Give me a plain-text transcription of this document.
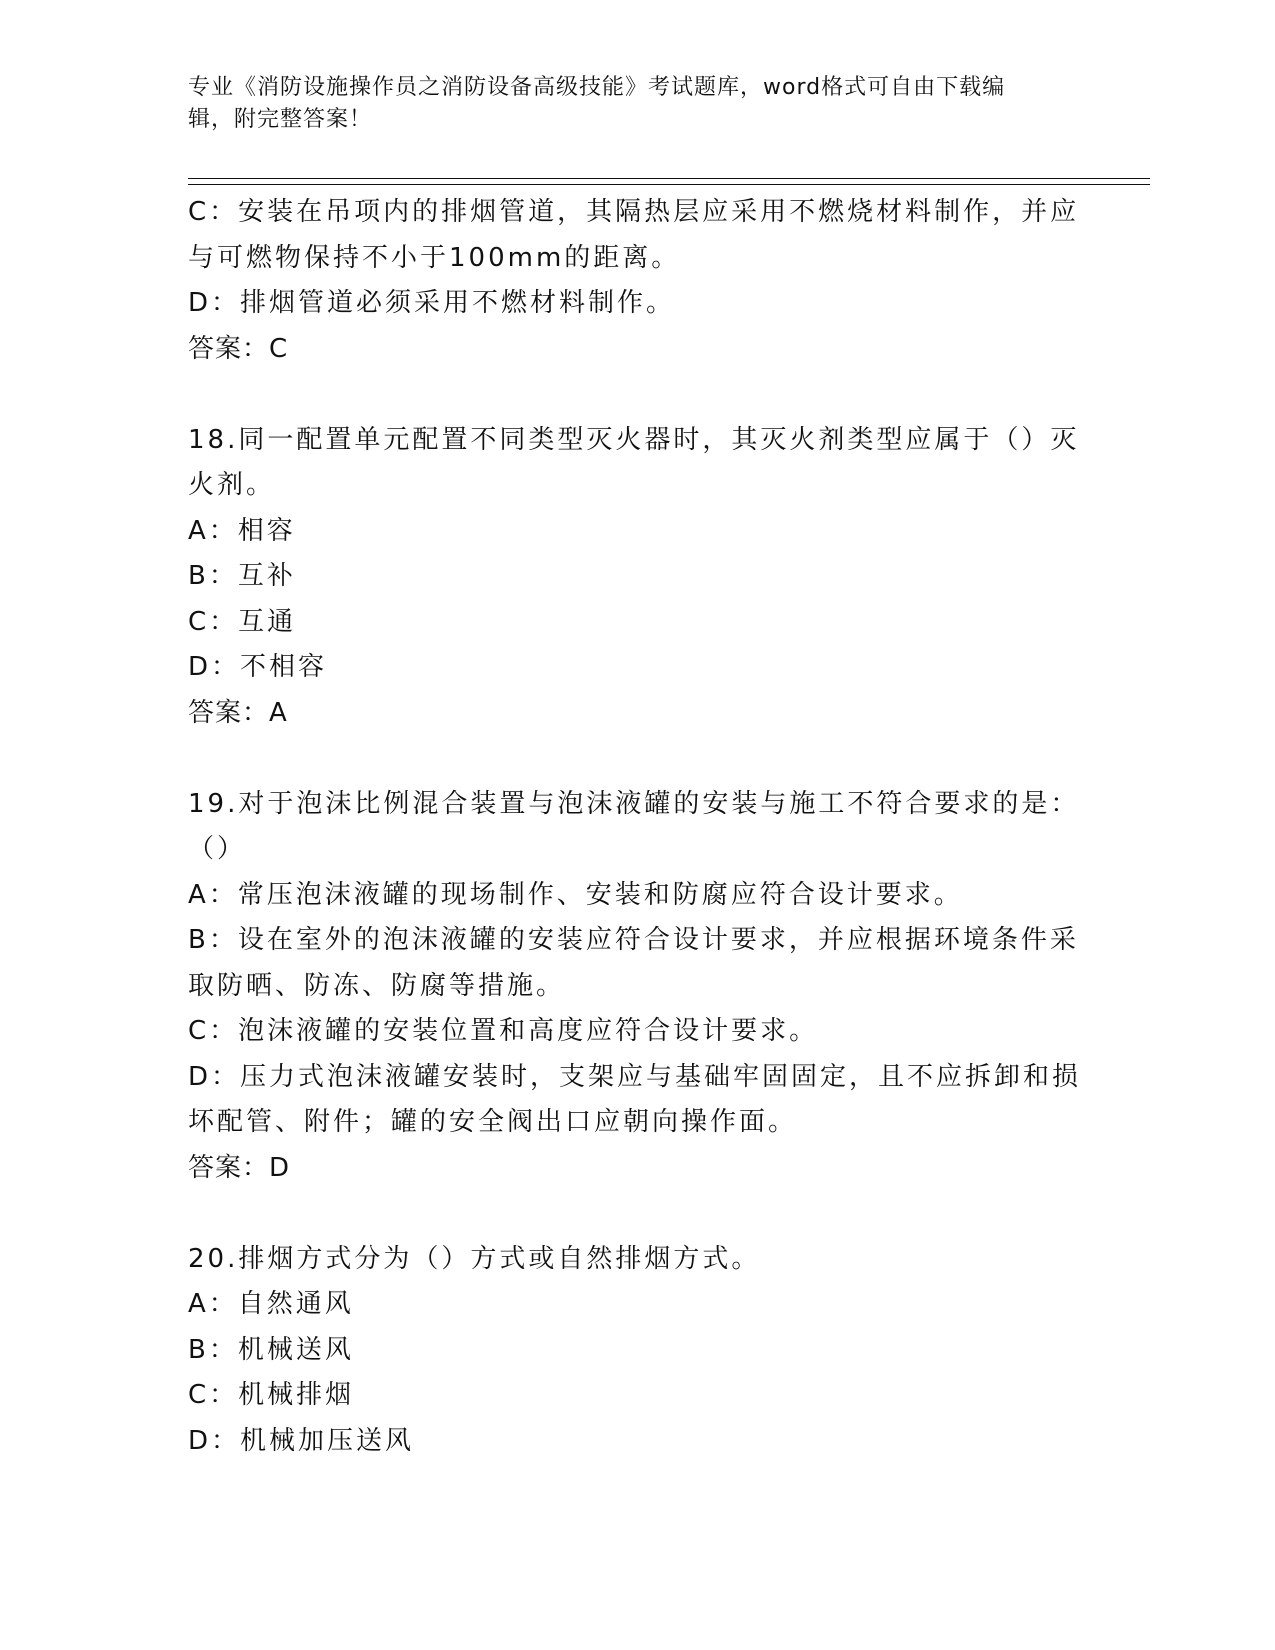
专业《消防设施操作员之消防设备高级技能》考试题库，word格式可自由下载编
辑，附完整答案！
C：安装在吊项内的排烟管道，其隔热层应采用不燃烧材料制作，并应
与可燃物保持不小于100mm的距离。
D：排烟管道必须采用不燃材料制作。
答案：C
18.同一配置单元配置不同类型灭火器时，其灭火剂类型应属于（）灭
火剂。
A：相容
B：互补
C：互通
D：不相容
答案：A
19.对于泡沫比例混合装置与泡沫液罐的安装与施工不符合要求的是：
（）
A：常压泡沫液罐的现场制作、安装和防腐应符合设计要求。
B：设在室外的泡沫液罐的安装应符合设计要求，并应根据环境条件采
取防晒、防冻、防腐等措施。
C：泡沫液罐的安装位置和高度应符合设计要求。
D：压力式泡沫液罐安装时，支架应与基础牢固固定，且不应拆卸和损
坏配管、附件；罐的安全阀出口应朝向操作面。
答案：D
20.排烟方式分为（）方式或自然排烟方式。
A：自然通风
B：机械送风
C：机械排烟
D：机械加压送风
